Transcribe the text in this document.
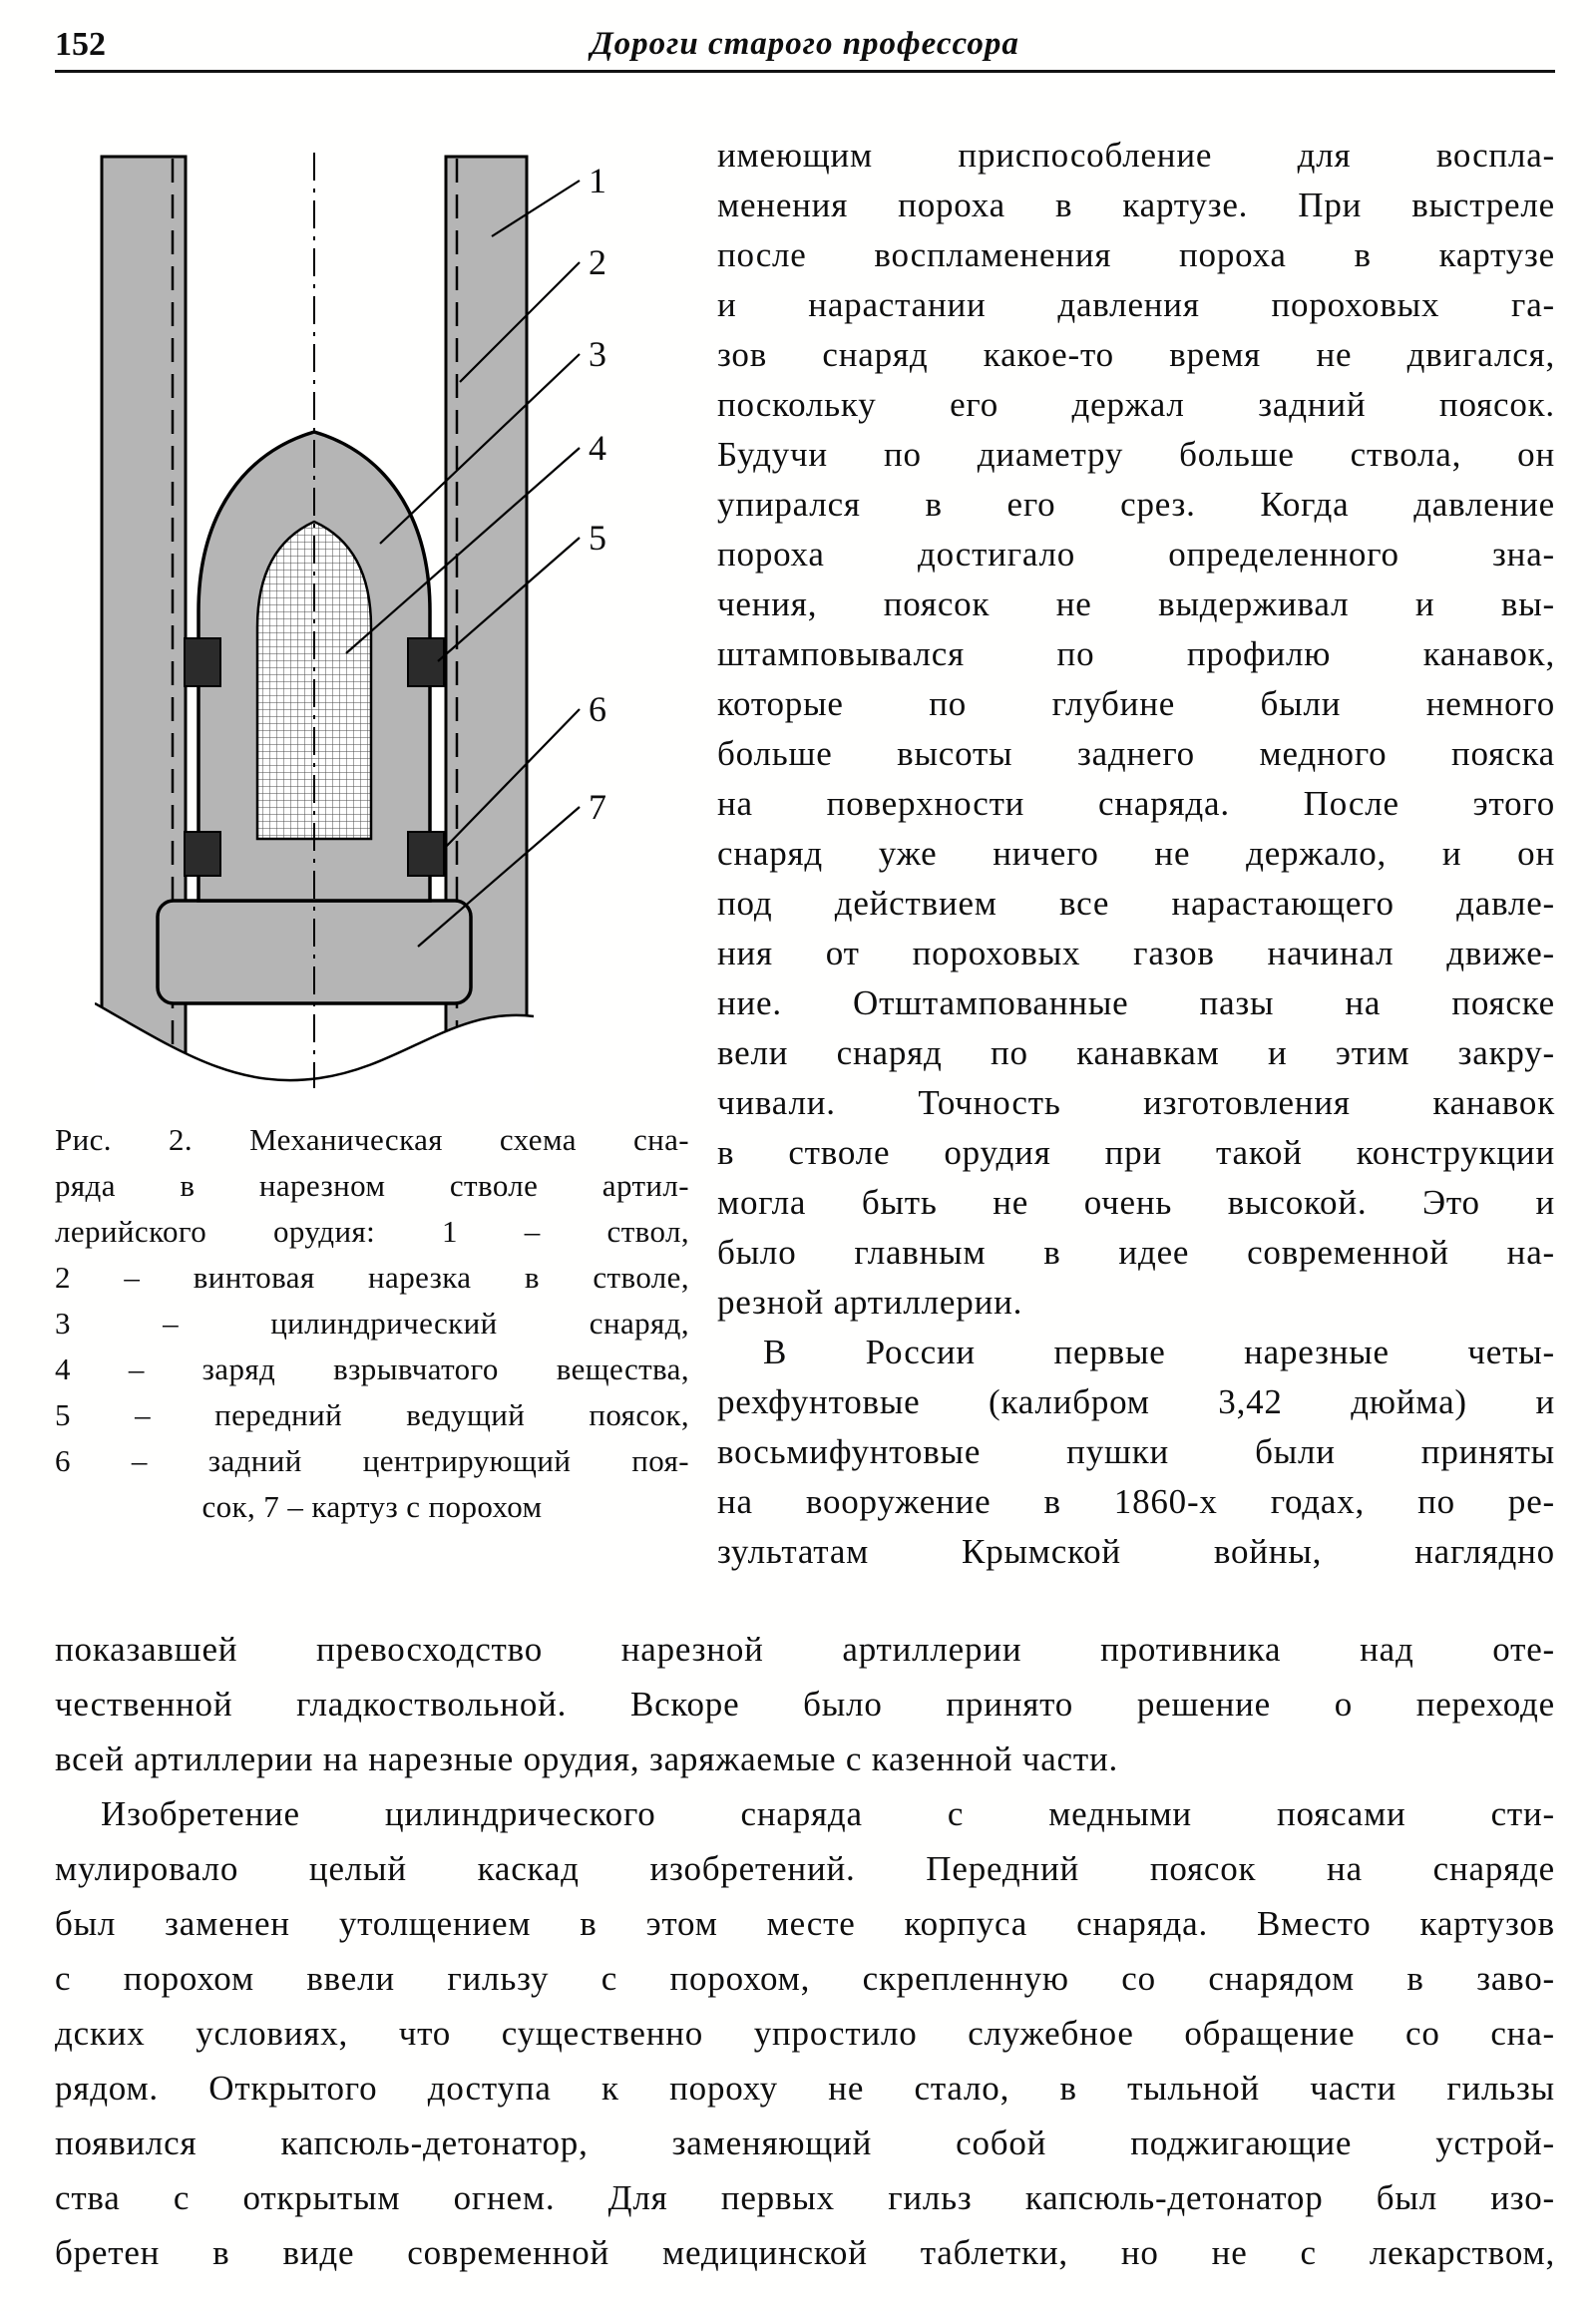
152	Дороги старого профессора
1
2
3
4
5
6
7
Рис. 2. Механическая схема сна-
ряда в нарезном стволе артил-
лерийского орудия: 1 – ствол,
2 – винтовая нарезка в стволе,
3 – цилиндрический снаряд,
4 – заряд взрывчатого вещества,
5 – передний ведущий поясок,
6 – задний центрирующий поя-
сок, 7 – картуз с порохом
имеющим приспособление для воспла-
менения пороха в картузе. При выстреле
после воспламенения пороха в картузе
и нарастании давления пороховых га-
зов снаряд какое-то время не двигался,
поскольку его держал задний поясок.
Будучи по диаметру больше ствола, он
упирался в его срез. Когда давление
пороха достигало определенного зна-
чения, поясок не выдерживал и вы-
штамповывался по профилю канавок,
которые по глубине были немного
больше высоты заднего медного пояска
на поверхности снаряда. После этого
снаряд уже ничего не держало, и он
под действием все нарастающего давле-
ния от пороховых газов начинал движе-
ние. Отштампованные пазы на пояске
вели снаряд по канавкам и этим закру-
чивали. Точность изготовления канавок
в стволе орудия при такой конструкции
могла быть не очень высокой. Это и
было главным в идее современной на-
резной артиллерии.
В России первые нарезные четы-
рехфунтовые (калибром 3,42 дюйма) и
восьмифунтовые пушки были приняты
на вооружение в 1860-х годах, по ре-
зультатам Крымской войны, наглядно
показавшей превосходство нарезной артиллерии противника над оте-
чественной гладкоствольной. Вскоре было принято решение о переходе
всей артиллерии на нарезные орудия, заряжаемые с казенной части.
Изобретение цилиндрического снаряда с медными поясами сти-
мулировало целый каскад изобретений. Передний поясок на снаряде
был заменен утолщением в этом месте корпуса снаряда. Вместо картузов
с порохом ввели гильзу с порохом, скрепленную со снарядом в заво-
дских условиях, что существенно упростило служебное обращение со сна-
рядом. Открытого доступа к пороху не стало, в тыльной части гильзы
появился капсюль-детонатор, заменяющий собой поджигающие устрой-
ства с открытым огнем. Для первых гильз капсюль-детонатор был изо-
бретен в виде современной медицинской таблетки, но не с лекарством,
